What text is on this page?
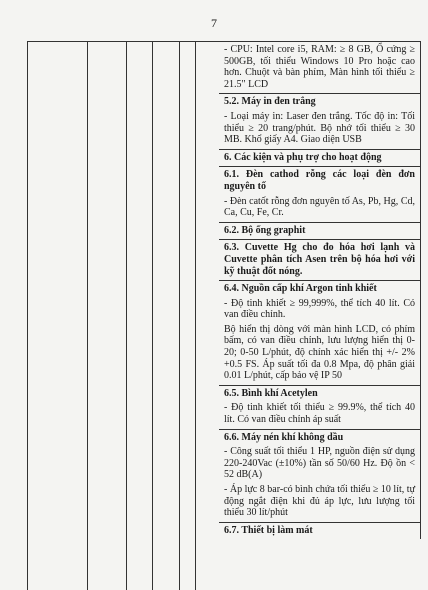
7

- CPU: Intel core i5, RAM: ≥ 8 GB, Ổ cứng ≥ 500GB, tối thiểu Windows 10 Pro hoặc cao hơn. Chuột và bàn phím, Màn hình tối thiểu ≥ 21.5" LCD

5.2. Máy in đen trắng
- Loại máy in: Laser đen trắng. Tốc độ in: Tối thiểu ≥ 20 trang/phút. Bộ nhớ tối thiểu ≥ 30 MB. Khổ giấy A4. Giao diện USB
6. Các kiện và phụ trợ cho hoạt động
6.1. Đèn cathod rỗng các loại đèn đơn nguyên tố
- Đèn catốt rỗng đơn nguyên tố As, Pb, Hg, Cd, Ca, Cu, Fe, Cr.
6.2. Bộ ống graphit
6.3. Cuvette Hg cho đo hóa hơi lạnh và Cuvette phân tích Asen trên bộ hóa hơi với kỹ thuật đốt nóng.
6.4. Nguồn cấp khí Argon tinh khiết
- Độ tinh khiết ≥ 99,999%, thể tích 40 lít. Có van điều chỉnh.
Bộ hiển thị dòng với màn hình LCD, có phím bấm, có van điều chỉnh, lưu lượng hiển thị 0-20; 0-50 L/phút, độ chính xác hiển thị +/- 2% +0.5 FS. Áp suất tối đa 0.8 Mpa, độ phân giải 0.01 L/phút, cấp bảo vệ IP 50
6.5. Bình khí Acetylen
- Độ tinh khiết tối thiểu ≥ 99.9%, thể tích 40 lít. Có van điều chỉnh áp suất
6.6. Máy nén khí không dầu
- Công suất tối thiểu 1 HP, nguồn điện sử dụng 220-240Vac (±10%) tần số 50/60 Hz. Độ ồn < 52 dB(A)
- Áp lực 8 bar-có bình chứa tối thiểu ≥ 10 lít, tự động ngắt điện khi đủ áp lực, lưu lượng tối thiểu 30 lít/phút
6.7. Thiết bị làm mát
